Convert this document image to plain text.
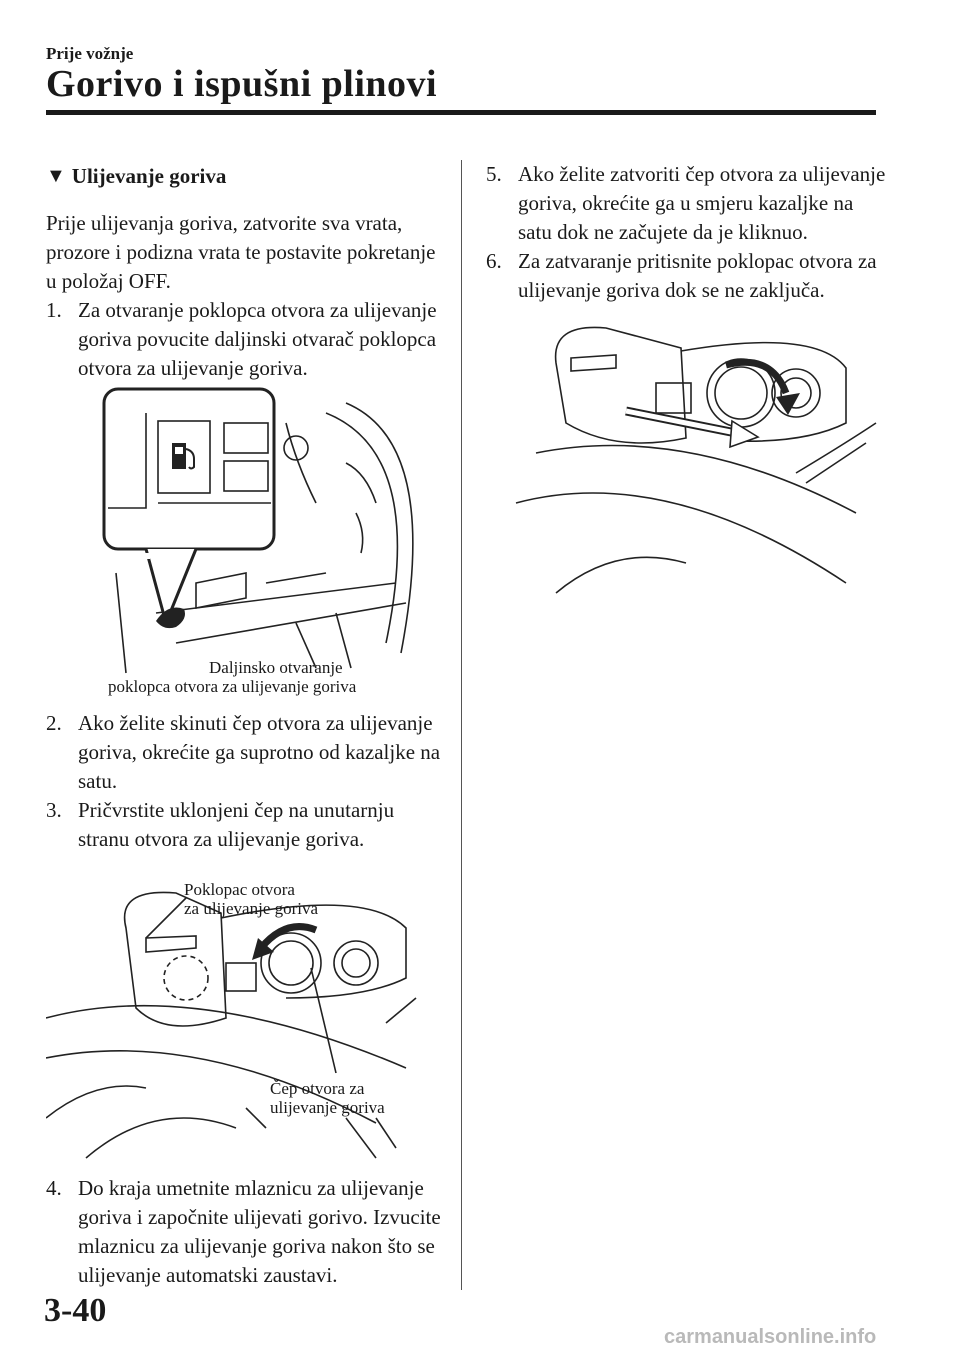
Prije vožnje
Gorivo i ispušni plinovi
▼ Ulijevanje goriva

Prije ulijevanja goriva, zatvorite sva vrata, prozore i podizna vrata te postavite pokretanje u položaj OFF.

1. Za otvaranje poklopca otvora za ulijevanje goriva povucite daljinski otvarač poklopca otvora za ulijevanje goriva.
Daljinsko otvaranje
poklopca otvora za ulijevanje goriva
2. Ako želite skinuti čep otvora za ulijevanje goriva, okrećite ga suprotno od kazaljke na satu.
3. Pričvrstite uklonjeni čep na unutarnju stranu otvora za ulijevanje goriva.
Poklopac otvora
za ulijevanje goriva
Čep otvora za
ulijevanje goriva
4. Do kraja umetnite mlaznicu za ulijevanje goriva i započnite ulijevati gorivo. Izvucite mlaznicu za ulijevanje goriva nakon što se ulijevanje automatski zaustavi.
5. Ako želite zatvoriti čep otvora za ulijevanje goriva, okrećite ga u smjeru kazaljke na satu dok ne začujete da je kliknuo.
6. Za zatvaranje pritisnite poklopac otvora za ulijevanje goriva dok se ne zaključa.
3-40
carmanualsonline.info
